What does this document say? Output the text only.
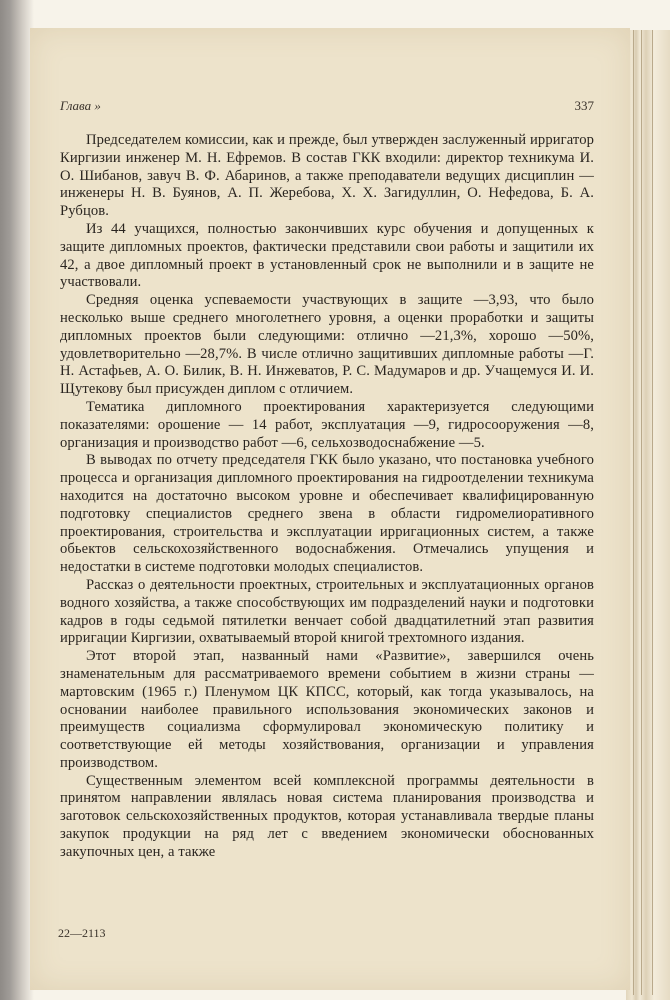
Глава »	337

Председателем комиссии, как и прежде, был утвержден заслуженный ирригатор Киргизии инженер М. Н. Ефремов. В состав ГКК входили: директор техникума И. О. Шибанов, завуч В. Ф. Абаринов, а также преподаватели ведущих дисциплин — инженеры Н. В. Буянов, А. П. Жеребова, Х. Х. Загидуллин, О. Нефедова, Б. А. Рубцов.

Из 44 учащихся, полностью закончивших курс обучения и допущенных к защите дипломных проектов, фактически представили свои работы и защитили их 42, а двое дипломный проект в установленный срок не выполнили и в защите не участвовали.

Средняя оценка успеваемости участвующих в защите —3,93, что было несколько выше среднего многолетнего уровня, а оценки проработки и защиты дипломных проектов были следующими: отлично —21,3%, хорошо —50%, удовлетворительно —28,7%. В числе отлично защитивших дипломные работы —Г. Н. Астафьев, А. О. Билик, В. Н. Инжеватов, Р. С. Мадумаров и др. Учащемуся И. И. Щутекову был присужден диплом с отличием.

Тематика дипломного проектирования характеризуется следующими показателями: орошение — 14 работ, эксплуатация —9, гидросооружения —8, организация и производство работ —6, сельхозводоснабжение —5.

В выводах по отчету председателя ГКК было указано, что постановка учебного процесса и организация дипломного проектирования на гидроотделении техникума находится на достаточно высоком уровне и обеспечивает квалифицированную подготовку специалистов среднего звена в области гидромелиоративного проектирования, строительства и эксплуатации ирригационных систем, а также обьектов сельскохозяйственного водоснабжения. Отмечались упущения и недостатки в системе подготовки молодых специалистов.

Рассказ о деятельности проектных, строительных и эксплуатационных органов водного хозяйства, а также способствующих им подразделений науки и подготовки кадров в годы седьмой пятилетки венчает собой двадцатилетний этап развития ирригации Киргизии, охватываемый второй книгой трехтомного издания.

Этот второй этап, названный нами «Развитие», завершился очень знаменательным для рассматриваемого времени событием в жизни страны — мартовским (1965 г.) Пленумом ЦК КПСС, который, как тогда указывалось, на основании наиболее правильного использования экономических законов и преимуществ социализма сформулировал экономическую политику и соответствующие ей методы хозяйствования, организации и управления производством.

Существенным элементом всей комплексной программы деятельности в принятом направлении являлась новая система планирования производства и заготовок сельскохозяйственных продуктов, которая устанавливала твердые планы закупок продукции на ряд лет с введением экономически обоснованных закупочных цен, а также

22—2113
